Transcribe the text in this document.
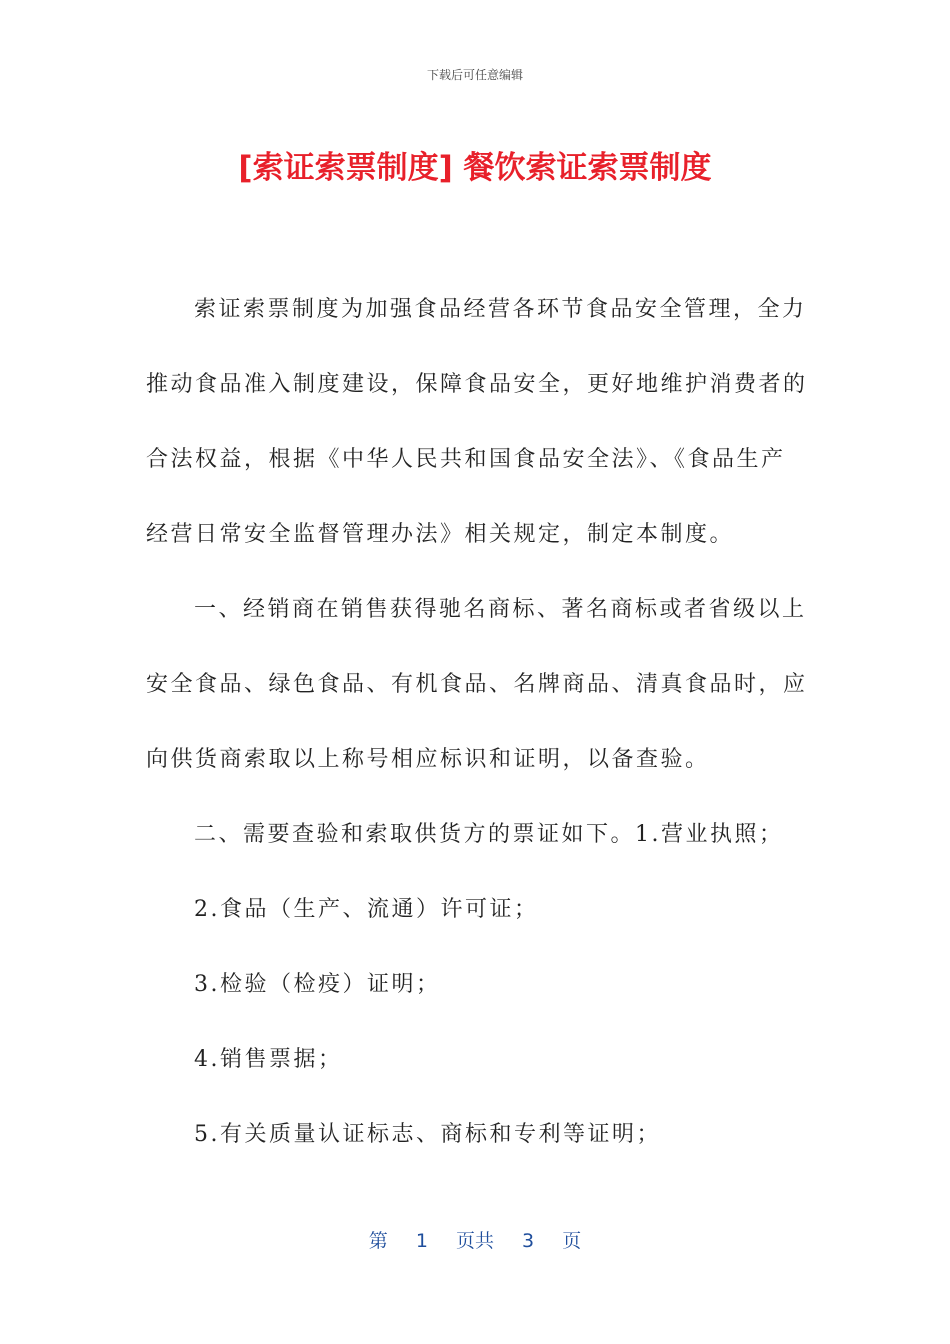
下载后可任意编辑
[索证索票制度] 餐饮索证索票制度

索证索票制度为加强食品经营各环节食品安全管理，全力

推动食品准入制度建设，保障食品安全，更好地维护消费者的

合法权益，根据《中华人民共和国食品安全法》、《食品生产

经营日常安全监督管理办法》相关规定，制定本制度。

一、经销商在销售获得驰名商标、著名商标或者省级以上

安全食品、绿色食品、有机食品、名牌商品、清真食品时，应

向供货商索取以上称号相应标识和证明，以备查验。

二、需要查验和索取供货方的票证如下。1.营业执照；

2.食品（生产、流通）许可证；

3.检验（检疫）证明；

4.销售票据；

5.有关质量认证标志、商标和专利等证明；

第 1 页共 3 页
